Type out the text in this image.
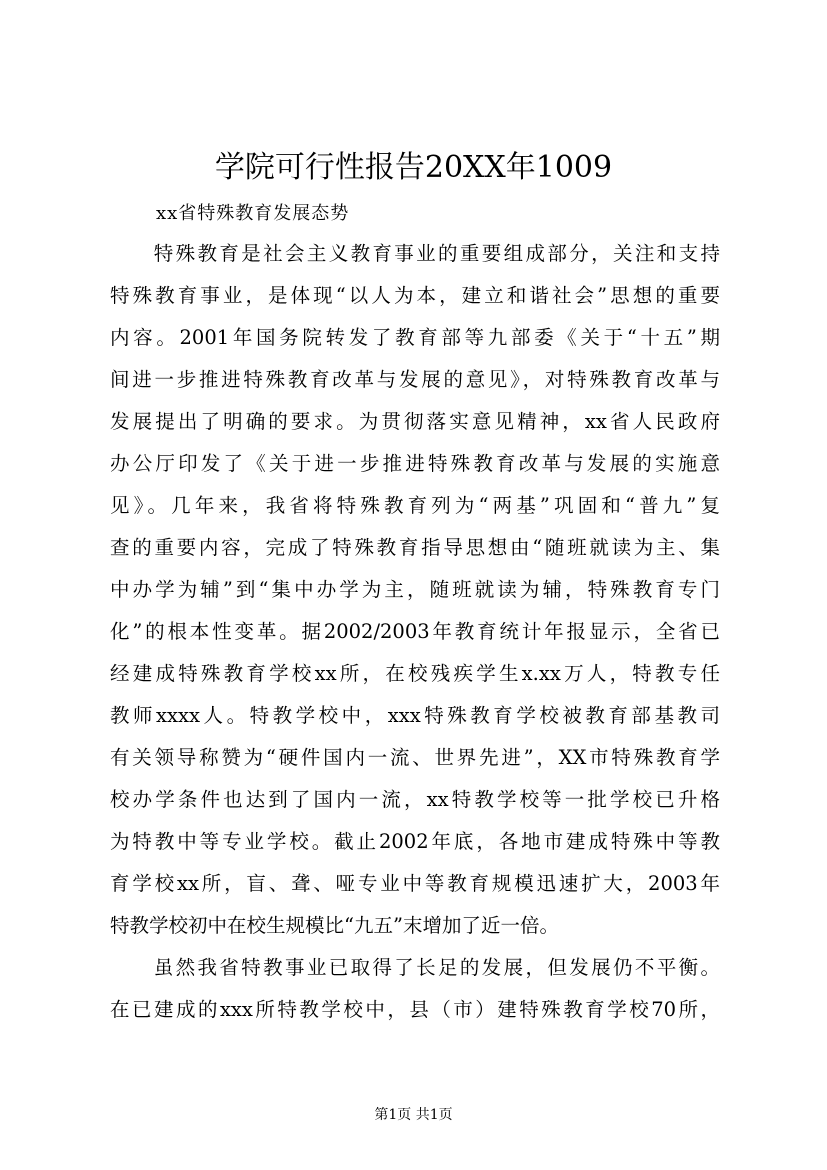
学院可行性报告20XX年1009
xx省特殊教育发展态势
　　特殊教育是社会主义教育事业的重要组成部分，关注和支持
特殊教育事业，是体现“以人为本，建立和谐社会”思想的重要
内容。2001年国务院转发了教育部等九部委《关于“十五”期
间进一步推进特殊教育改革与发展的意见》，对特殊教育改革与
发展提出了明确的要求。为贯彻落实意见精神，xx省人民政府
办公厅印发了《关于进一步推进特殊教育改革与发展的实施意
见》。几年来，我省将特殊教育列为“两基”巩固和“普九”复
查的重要内容，完成了特殊教育指导思想由“随班就读为主、集
中办学为辅”到“集中办学为主，随班就读为辅，特殊教育专门
化”的根本性变革。据2002/2003年教育统计年报显示，全省已
经建成特殊教育学校xx所，在校残疾学生x.xx万人，特教专任
教师xxxx人。特教学校中，xxx特殊教育学校被教育部基教司
有关领导称赞为“硬件国内一流、世界先进”，XX市特殊教育学
校办学条件也达到了国内一流，xx特教学校等一批学校已升格
为特教中等专业学校。截止2002年底，各地市建成特殊中等教
育学校xx所，盲、聋、哑专业中等教育规模迅速扩大，2003年
特教学校初中在校生规模比“九五”末增加了近一倍。
　　虽然我省特教事业已取得了长足的发展，但发展仍不平衡。
在已建成的xxx所特教学校中，县（市）建特殊教育学校70所，
第1页 共1页
